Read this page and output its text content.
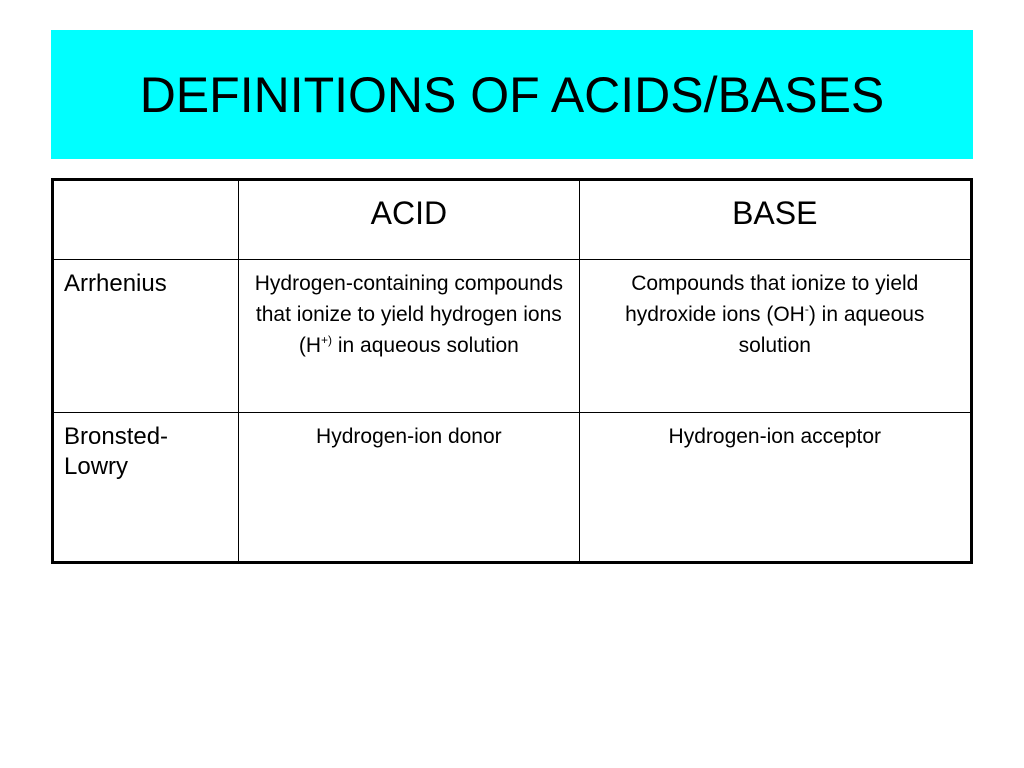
DEFINITIONS OF ACIDS/BASES
	ACID	BASE
Arrhenius	Hydrogen-containing compounds that ionize to yield hydrogen ions (H+) in aqueous solution	Compounds that ionize to yield hydroxide ions (OH-) in aqueous solution
Bronsted-Lowry	Hydrogen-ion donor	Hydrogen-ion acceptor
